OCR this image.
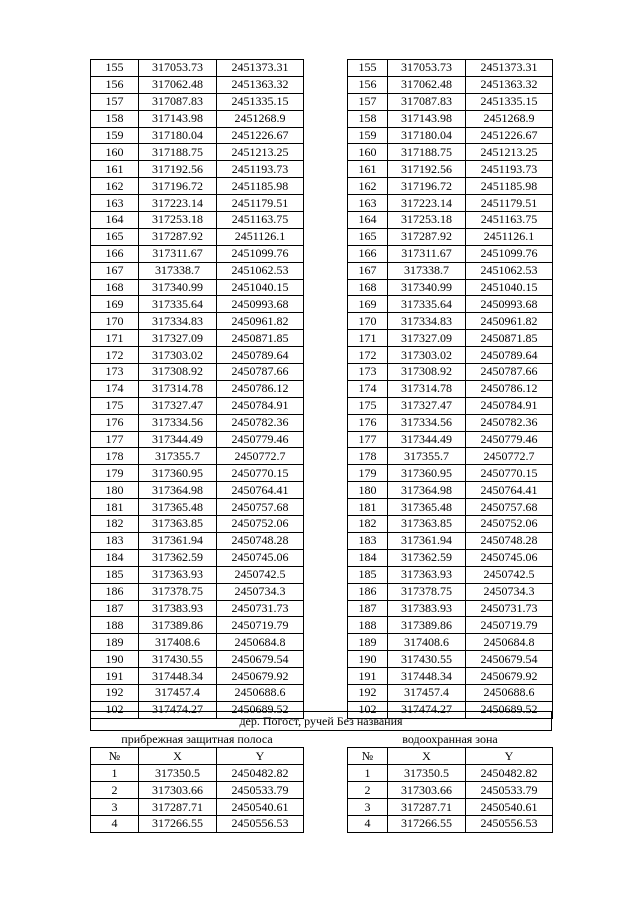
155	317053.73	2451373.31
156	317062.48	2451363.32
157	317087.83	2451335.15
158	317143.98	2451268.9
159	317180.04	2451226.67
160	317188.75	2451213.25
161	317192.56	2451193.73
162	317196.72	2451185.98
163	317223.14	2451179.51
164	317253.18	2451163.75
165	317287.92	2451126.1
166	317311.67	2451099.76
167	317338.7	2451062.53
168	317340.99	2451040.15
169	317335.64	2450993.68
170	317334.83	2450961.82
171	317327.09	2450871.85
172	317303.02	2450789.64
173	317308.92	2450787.66
174	317314.78	2450786.12
175	317327.47	2450784.91
176	317334.56	2450782.36
177	317344.49	2450779.46
178	317355.7	2450772.7
179	317360.95	2450770.15
180	317364.98	2450764.41
181	317365.48	2450757.68
182	317363.85	2450752.06
183	317361.94	2450748.28
184	317362.59	2450745.06
185	317363.93	2450742.5
186	317378.75	2450734.3
187	317383.93	2450731.73
188	317389.86	2450719.79
189	317408.6	2450684.8
190	317430.55	2450679.54
191	317448.34	2450679.92
192	317457.4	2450688.6
102	317474.27	2450689.52
155	317053.73	2451373.31
156	317062.48	2451363.32
157	317087.83	2451335.15
158	317143.98	2451268.9
159	317180.04	2451226.67
160	317188.75	2451213.25
161	317192.56	2451193.73
162	317196.72	2451185.98
163	317223.14	2451179.51
164	317253.18	2451163.75
165	317287.92	2451126.1
166	317311.67	2451099.76
167	317338.7	2451062.53
168	317340.99	2451040.15
169	317335.64	2450993.68
170	317334.83	2450961.82
171	317327.09	2450871.85
172	317303.02	2450789.64
173	317308.92	2450787.66
174	317314.78	2450786.12
175	317327.47	2450784.91
176	317334.56	2450782.36
177	317344.49	2450779.46
178	317355.7	2450772.7
179	317360.95	2450770.15
180	317364.98	2450764.41
181	317365.48	2450757.68
182	317363.85	2450752.06
183	317361.94	2450748.28
184	317362.59	2450745.06
185	317363.93	2450742.5
186	317378.75	2450734.3
187	317383.93	2450731.73
188	317389.86	2450719.79
189	317408.6	2450684.8
190	317430.55	2450679.54
191	317448.34	2450679.92
192	317457.4	2450688.6
102	317474.27	2450689.52
дер. Погост, ручей Без названия
прибрежная защитная полоса		
№	X	Y
1	317350.5	2450482.82
2	317303.66	2450533.79
3	317287.71	2450540.61
4	317266.55	2450556.53
водоохранная зона		
№	X	Y
1	317350.5	2450482.82
2	317303.66	2450533.79
3	317287.71	2450540.61
4	317266.55	2450556.53
